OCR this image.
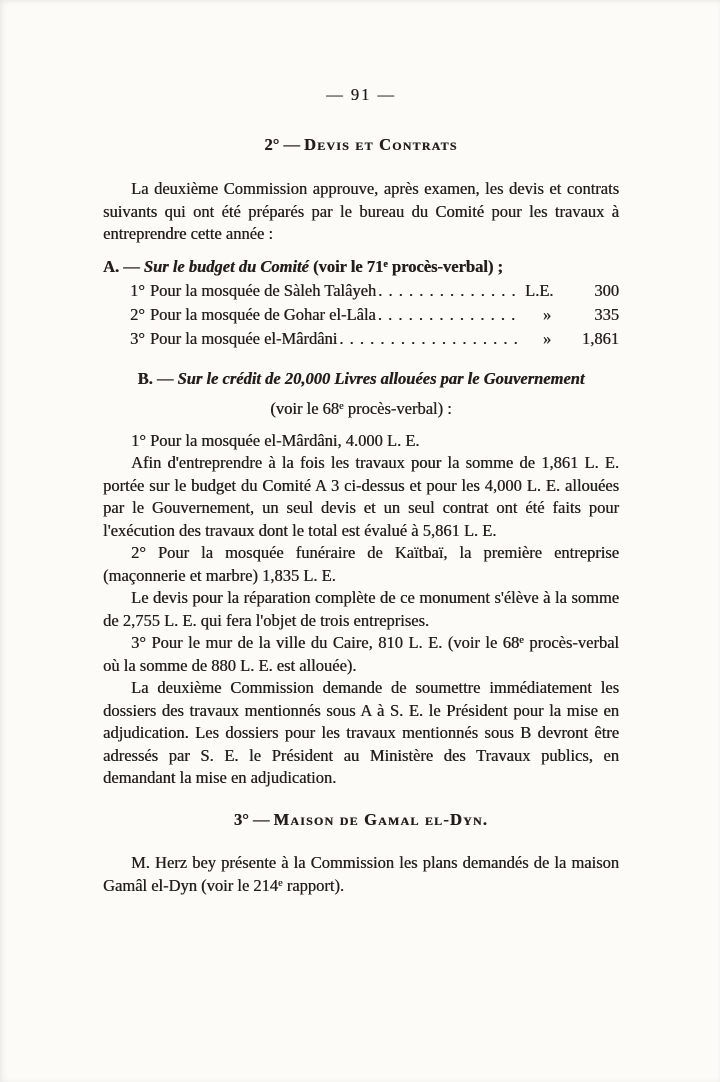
— 91 —
2° — Devis et Contrats

La deuxième Commission approuve, après examen, les devis et contrats suivants qui ont été préparés par le bureau du Comité pour les travaux à entreprendre cette année :

A. — Sur le budget du Comité (voir le 71e procès-verbal) ;

1° Pour la mosquée de Sàleh Talâyeh . . .	L.E.	300
2° Pour la mosquée de Gohar el-Lâla . . .	»	335
3° Pour la mosquée el-Mârdâni . . .	»	1,861

B. — Sur le crédit de 20,000 Livres allouées par le Gouvernement

(voir le 68e procès-verbal) :

1° Pour la mosquée el-Mârdâni, 4.000 L. E.

Afin d'entreprendre à la fois les travaux pour la somme de 1,861 L. E. portée sur le budget du Comité A 3 ci-dessus et pour les 4,000 L. E. allouées par le Gouvernement, un seul devis et un seul contrat ont été faits pour l'exécution des travaux dont le total est évalué à 5,861 L. E.

2° Pour la mosquée funéraire de Kaïtbaï, la première entreprise (maçonnerie et marbre) 1,835 L. E.

Le devis pour la réparation complète de ce monument s'élève à la somme de 2,755 L. E. qui fera l'objet de trois entreprises.

3° Pour le mur de la ville du Caire, 810 L. E. (voir le 68e procès-verbal où la somme de 880 L. E. est allouée).

La deuxième Commission demande de soumettre immédiatement les dossiers des travaux mentionnés sous A à S. E. le Président pour la mise en adjudication. Les dossiers pour les travaux mentionnés sous B devront être adressés par S. E. le Président au Ministère des Travaux publics, en demandant la mise en adjudication.

3° — Maison de Gamal el-Dyn.

M. Herz bey présente à la Commission les plans demandés de la maison Gamâl el-Dyn (voir le 214e rapport).
